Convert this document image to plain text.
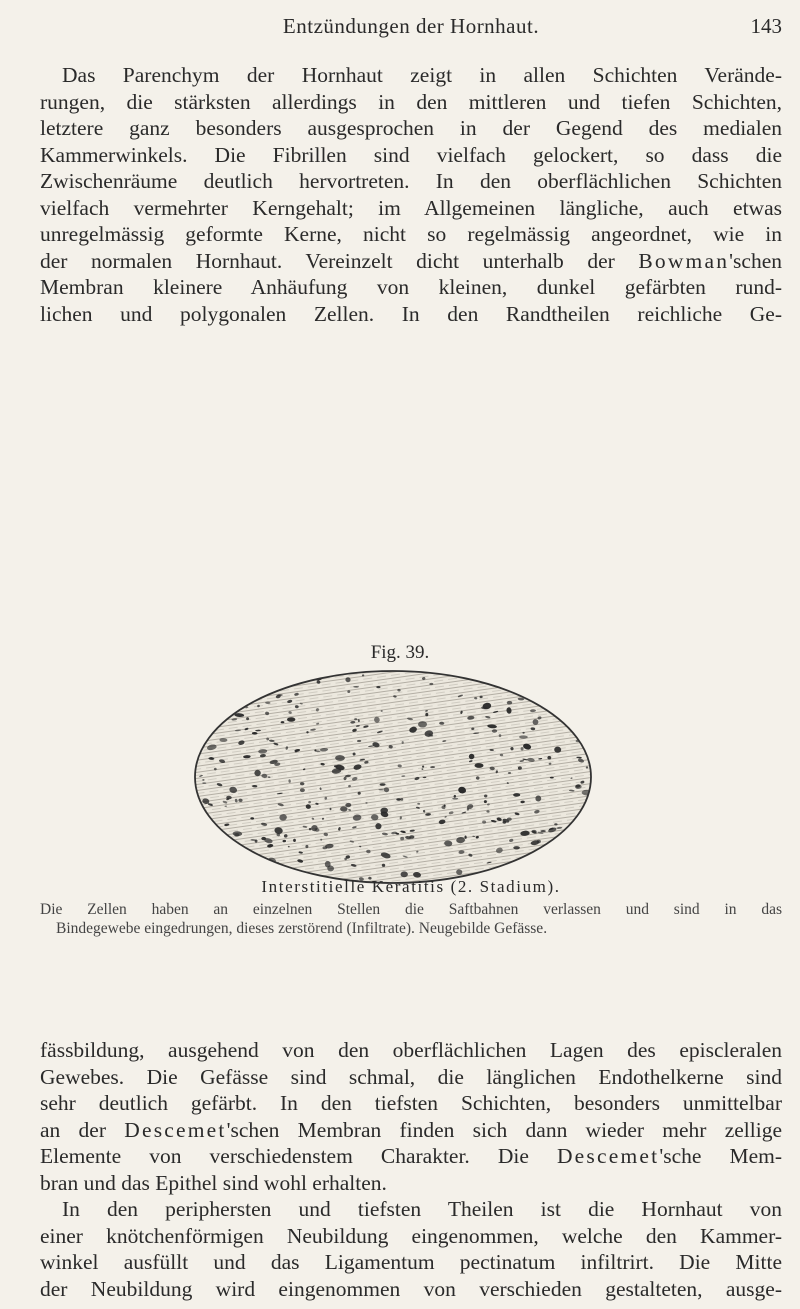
Entzündungen der Hornhaut.	143
Das Parenchym der Hornhaut zeigt in allen Schichten Verände-
rungen, die stärksten allerdings in den mittleren und tiefen Schichten,
letztere ganz besonders ausgesprochen in der Gegend des medialen
Kammerwinkels. Die Fibrillen sind vielfach gelockert, so dass die
Zwischenräume deutlich hervortreten. In den oberflächlichen Schichten
vielfach vermehrter Kerngehalt; im Allgemeinen längliche, auch etwas
unregelmässig geformte Kerne, nicht so regelmässig angeordnet, wie in
der normalen Hornhaut. Vereinzelt dicht unterhalb der Bowman'schen
Membran kleinere Anhäufung von kleinen, dunkel gefärbten rund-
lichen und polygonalen Zellen. In den Randtheilen reichliche Ge-
Fig. 39.
Interstitielle Keratitis (2. Stadium).
Die Zellen haben an einzelnen Stellen die Saftbahnen verlassen und sind in das
Bindegewebe eingedrungen, dieses zerstörend (Infiltrate). Neugebilde Gefässe.
fässbildung, ausgehend von den oberflächlichen Lagen des episcleralen
Gewebes. Die Gefässe sind schmal, die länglichen Endothelkerne sind
sehr deutlich gefärbt. In den tiefsten Schichten, besonders unmittelbar
an der Descemet'schen Membran finden sich dann wieder mehr zellige
Elemente von verschiedenstem Charakter. Die Descemet'sche Mem-
bran und das Epithel sind wohl erhalten.
In den peripherst​en und tiefsten Theilen ist die Hornhaut von
einer knötchenförmigen Neubildung eingenommen, welche den Kammer-
winkel ausfüllt und das Ligamentum pectinatum infiltrirt. Die Mitte
der Neubildung wird eingenommen von verschieden gestalteten, ausge-
